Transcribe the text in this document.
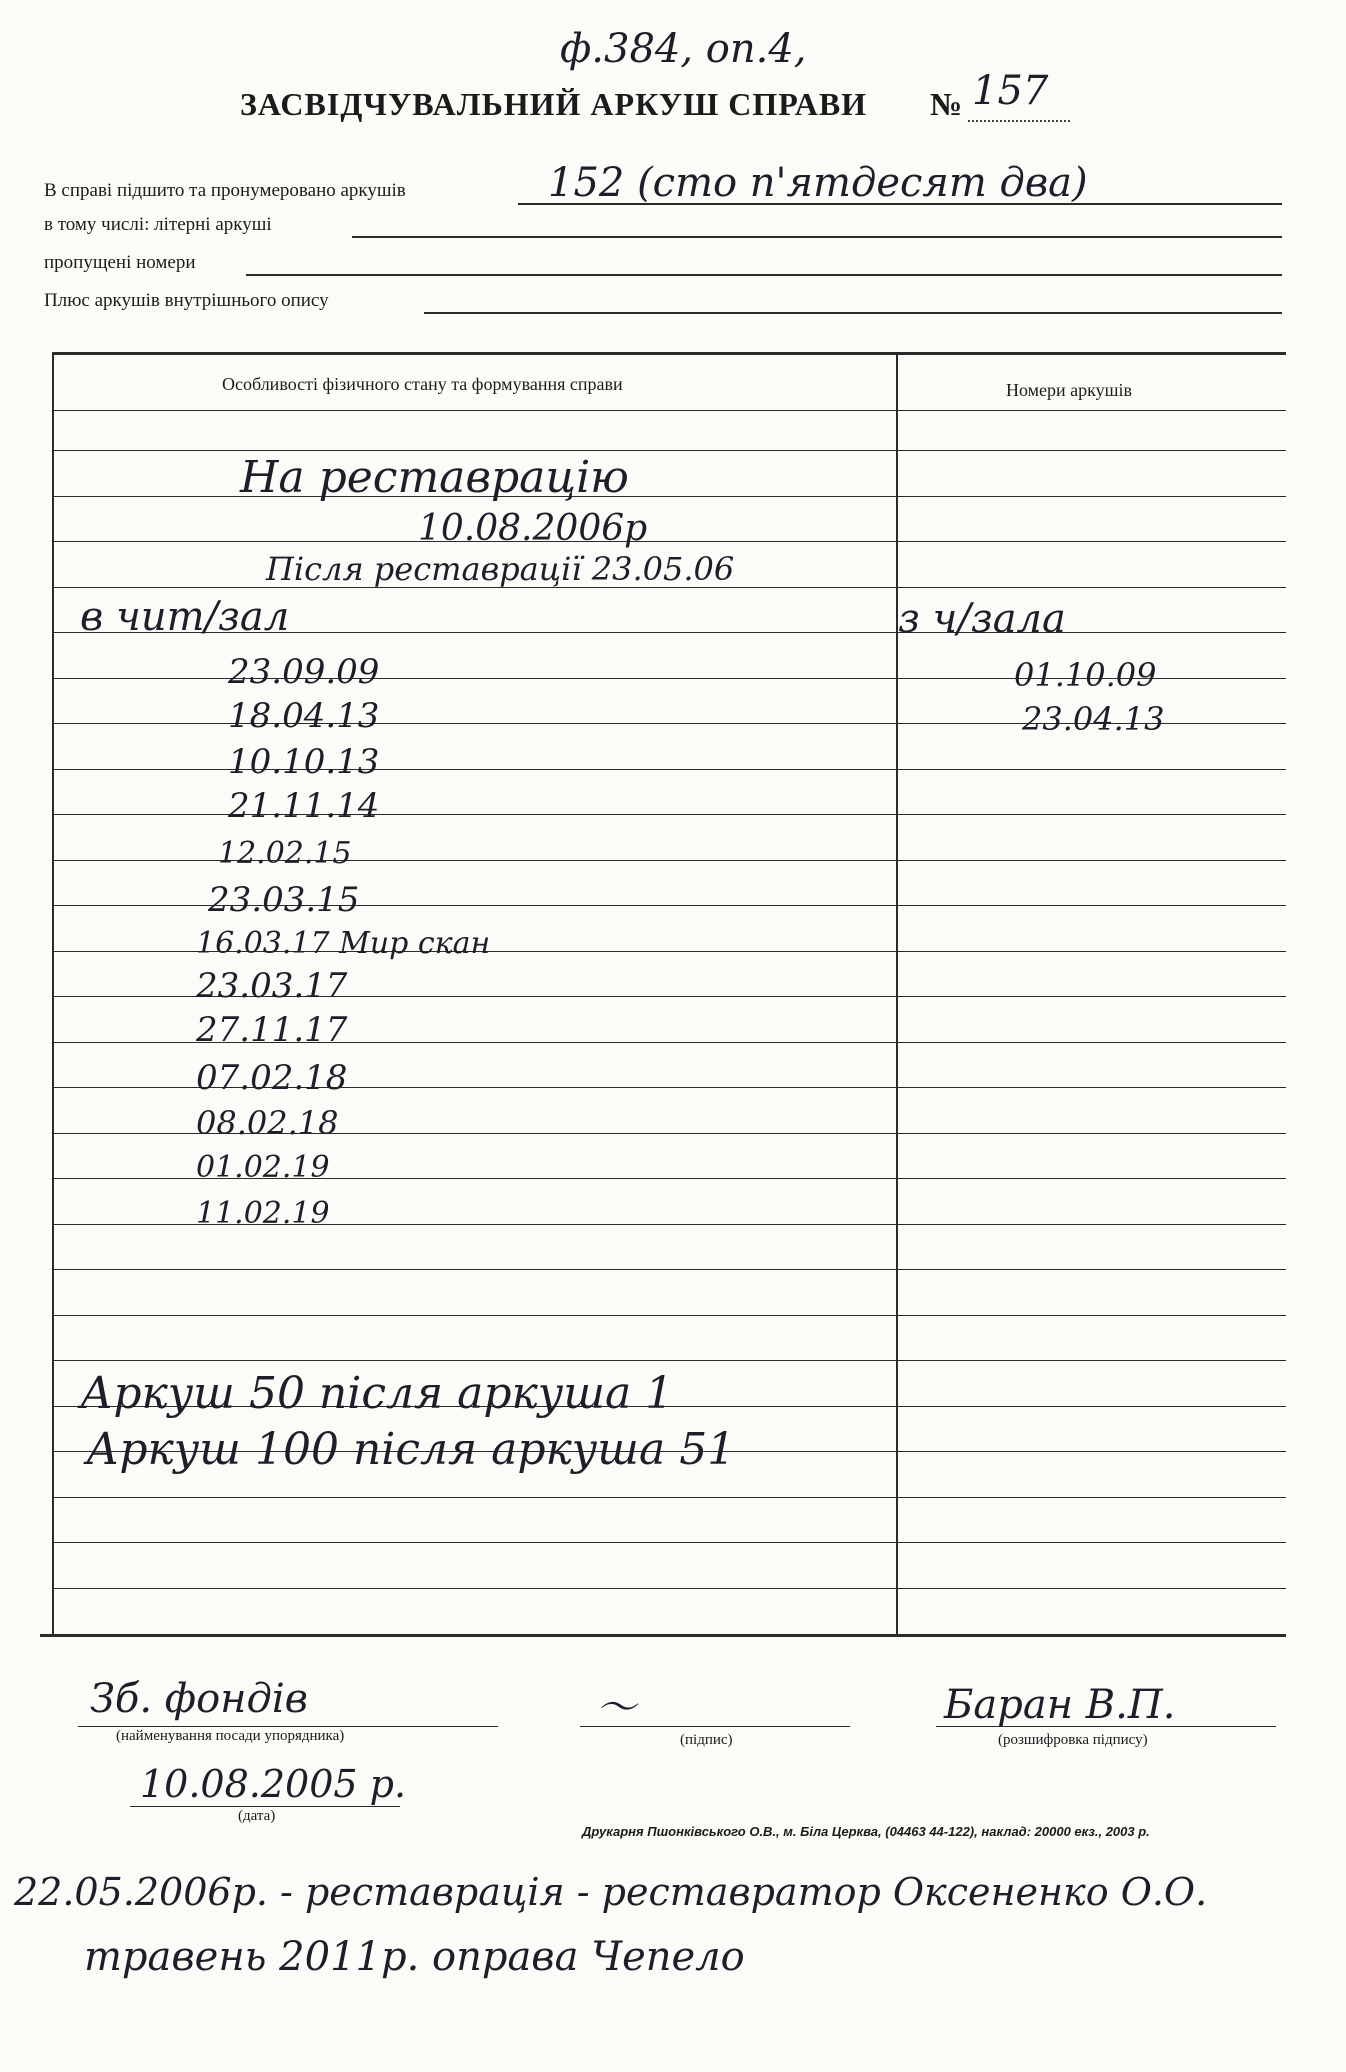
ф.384, оп.4,
ЗАСВІДЧУВАЛЬНИЙ АРКУШ СПРАВИ № 157
В справі підшито та пронумеровано аркушів	152 (сто п'ятдесят два)
в тому числі: літерні аркуші
пропущені номери
Плюс аркушів внутрішнього опису
Особливості фізичного стану та формування справи	Номери аркушів
На реставрацію
10.08.2006р
Після реставрації 23.05.06
в чит/зал
23.09.09
18.04.13
10.10.13
21.11.14
12.02.15
23.03.15
16.03.17 Мир скан
23.03.17
27.11.17
07.02.18
08.02.18
01.02.19
11.02.19
Аркуш 50 після аркуша 1
Аркуш 100 після аркуша 51
з ч/зала
01.10.09
23.04.13
Зб. фондів
(найменування посади упорядника)
〜
(підпис)
Баран В.П.
(розшифровка підпису)
10.08.2005 р.
(дата)
Друкарня Пшонківського О.В., м. Біла Церква, (04463 44-122), наклад: 20000 екз., 2003 р.
22.05.2006р. - реставрація - реставратор Оксененко О.О.
травень 2011р. оправа Чепело
